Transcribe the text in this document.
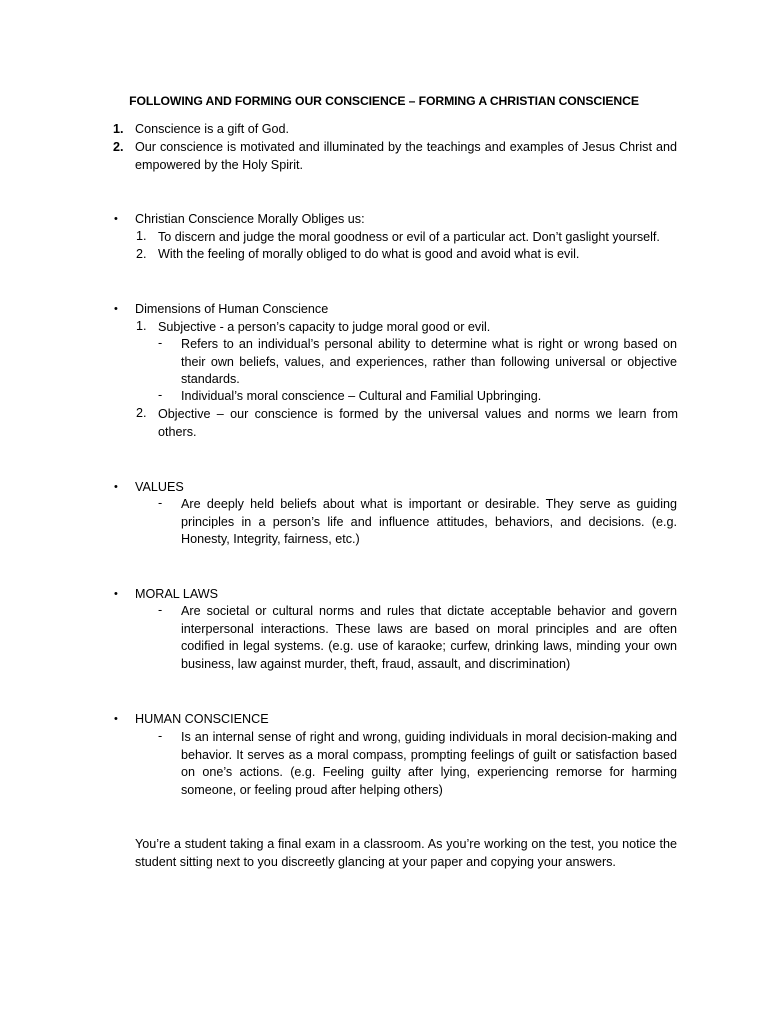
FOLLOWING AND FORMING OUR CONSCIENCE – FORMING A CHRISTIAN CONSCIENCE
1. Conscience is a gift of God.
2. Our conscience is motivated and illuminated by the teachings and examples of Jesus Christ and empowered by the Holy Spirit.
• Christian Conscience Morally Obliges us:
1. To discern and judge the moral goodness or evil of a particular act. Don’t gaslight yourself.
2. With the feeling of morally obliged to do what is good and avoid what is evil.
• Dimensions of Human Conscience
1. Subjective - a person’s capacity to judge moral good or evil.
- Refers to an individual’s personal ability to determine what is right or wrong based on their own beliefs, values, and experiences, rather than following universal or objective standards.
- Individual’s moral conscience – Cultural and Familial Upbringing.
2. Objective – our conscience is formed by the universal values and norms we learn from others.
• VALUES
- Are deeply held beliefs about what is important or desirable. They serve as guiding principles in a person’s life and influence attitudes, behaviors, and decisions. (e.g. Honesty, Integrity, fairness, etc.)
• MORAL LAWS
- Are societal or cultural norms and rules that dictate acceptable behavior and govern interpersonal interactions. These laws are based on moral principles and are often codified in legal systems. (e.g. use of karaoke; curfew, drinking laws, minding your own business, law against murder, theft, fraud, assault, and discrimination)
• HUMAN CONSCIENCE
- Is an internal sense of right and wrong, guiding individuals in moral decision-making and behavior. It serves as a moral compass, prompting feelings of guilt or satisfaction based on one’s actions. (e.g. Feeling guilty after lying, experiencing remorse for harming someone, or feeling proud after helping others)
You’re a student taking a final exam in a classroom. As you’re working on the test, you notice the student sitting next to you discreetly glancing at your paper and copying your answers.
